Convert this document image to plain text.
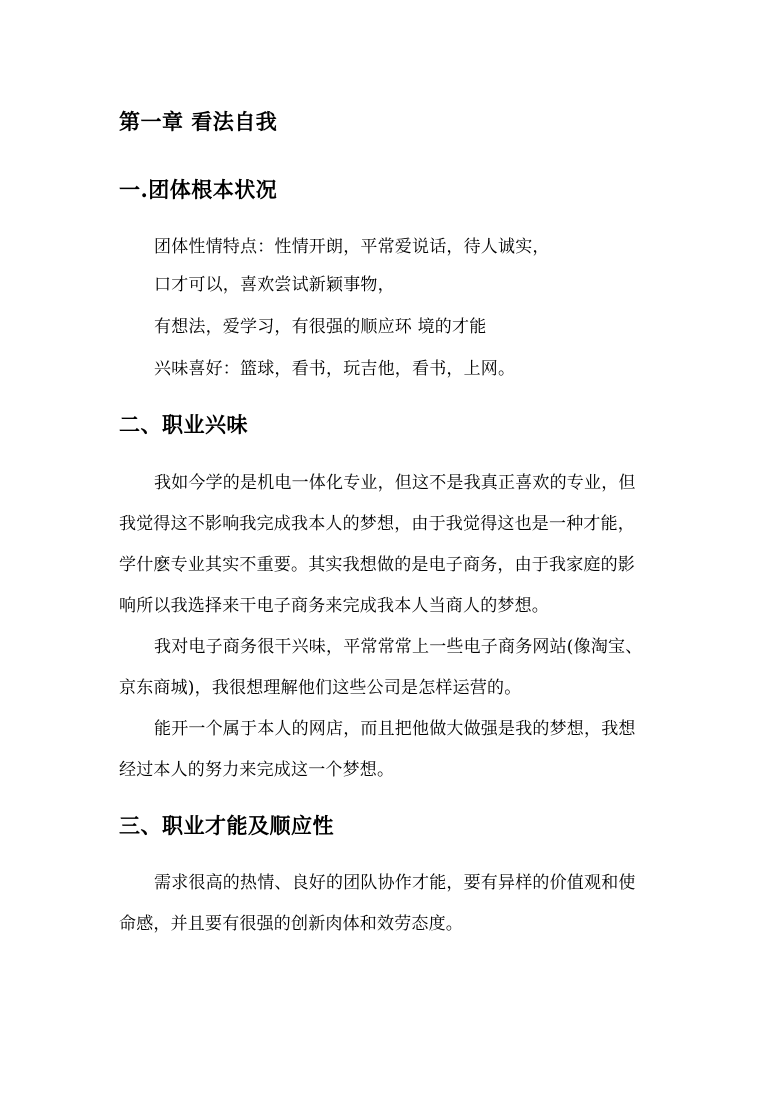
第一章 看法自我
一.团体根本状况
团体性情特点：性情开朗，平常爱说话，待人诚实，
口才可以，喜欢尝试新颖事物，
有想法，爱学习，有很强的顺应环 境的才能
兴味喜好：篮球，看书，玩吉他，看书，上网。
二、职业兴味
我如今学的是机电一体化专业，但这不是我真正喜欢的专业，但
我觉得这不影响我完成我本人的梦想，由于我觉得这也是一种才能，
学什麽专业其实不重要。其实我想做的是电子商务，由于我家庭的影
响所以我选择来干电子商务来完成我本人当商人的梦想。
我对电子商务很干兴味，平常常常上一些电子商务网站(像淘宝、
京东商城)，我很想理解他们这些公司是怎样运营的。
能开一个属于本人的网店，而且把他做大做强是我的梦想，我想
经过本人的努力来完成这一个梦想。
三、职业才能及顺应性
需求很高的热情、良好的团队协作才能，要有异样的价值观和使
命感，并且要有很强的创新肉体和效劳态度。
